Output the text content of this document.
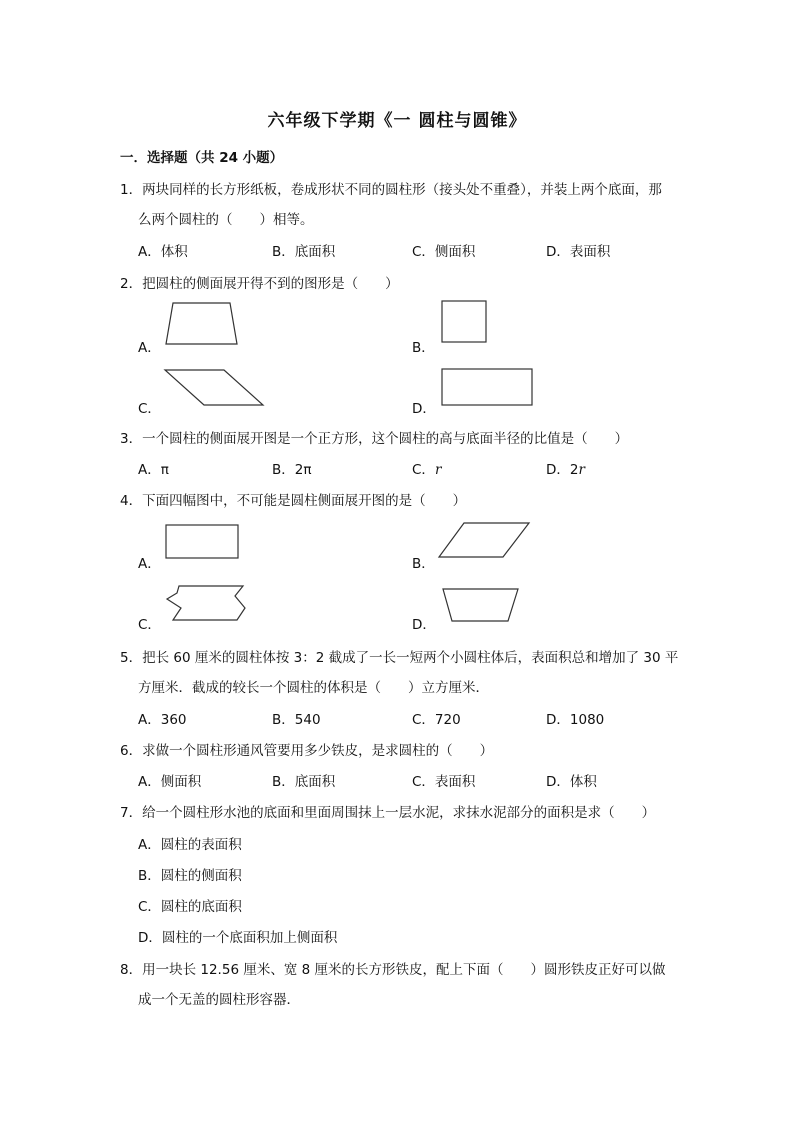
六年级下学期《一 圆柱与圆锥》
一．选择题（共 24 小题）
1．两块同样的长方形纸板，卷成形状不同的圆柱形（接头处不重叠），并装上两个底面，那
么两个圆柱的（　　）相等。
A．体积	B．底面积	C．侧面积	D．表面积
2．把圆柱的侧面展开得不到的图形是（　　）
A．	B．
C．	D．
3．一个圆柱的侧面展开图是一个正方形，这个圆柱的高与底面半径的比值是（　　）
A．π	B．2π	C．r	D．2r
4．下面四幅图中，不可能是圆柱侧面展开图的是（　　）
A．	B．
C．	D．
5．把长 60 厘米的圆柱体按 3：2 截成了一长一短两个小圆柱体后，表面积总和增加了 30 平
方厘米．截成的较长一个圆柱的体积是（　　）立方厘米．
A．360	B．540	C．720	D．1080
6．求做一个圆柱形通风管要用多少铁皮，是求圆柱的（　　）
A．侧面积	B．底面积	C．表面积	D．体积
7．给一个圆柱形水池的底面和里面周围抹上一层水泥，求抹水泥部分的面积是求（　　）
A．圆柱的表面积
B．圆柱的侧面积
C．圆柱的底面积
D．圆柱的一个底面积加上侧面积
8．用一块长 12.56 厘米、宽 8 厘米的长方形铁皮，配上下面（　　）圆形铁皮正好可以做
成一个无盖的圆柱形容器．
